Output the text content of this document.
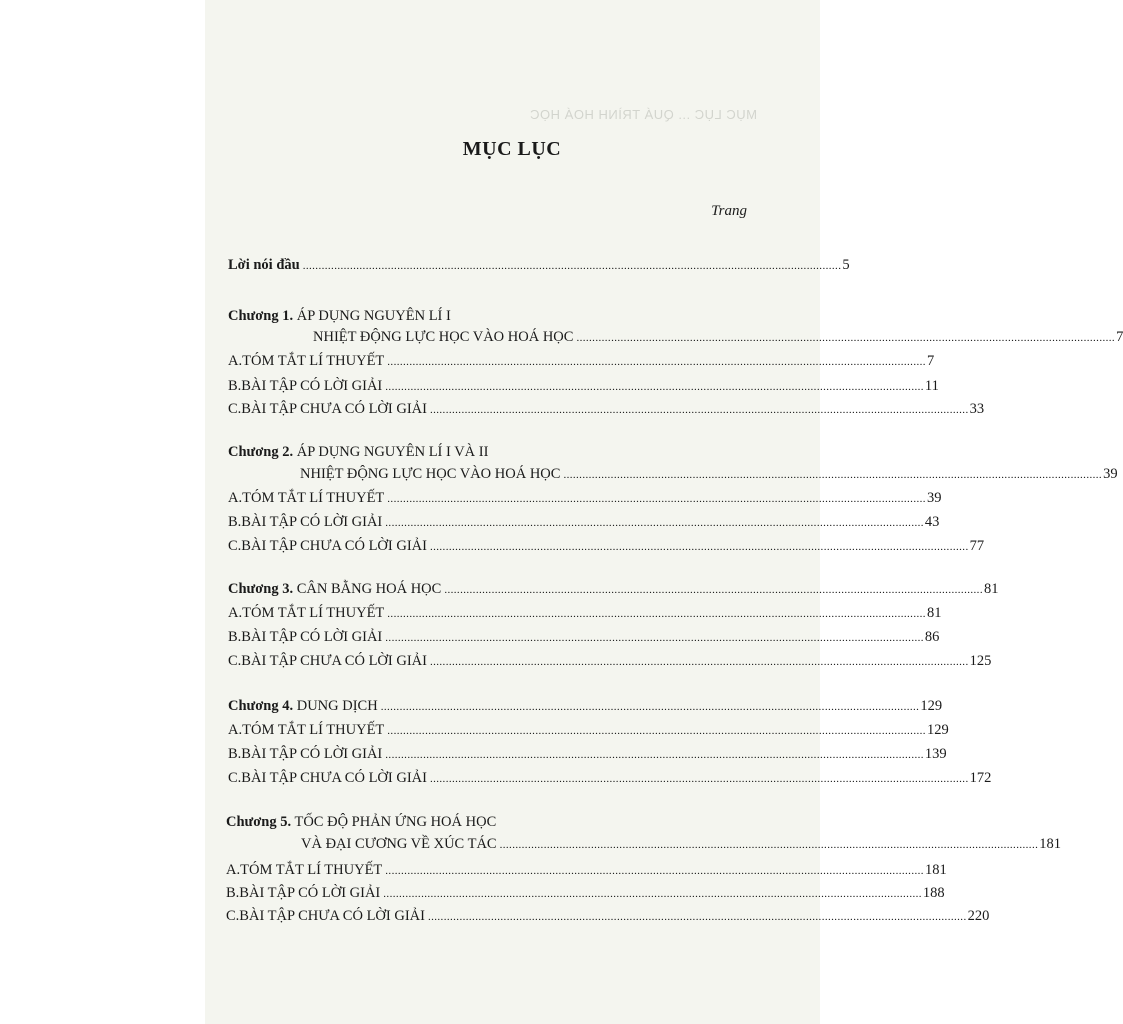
MỤC LỤC ... QUÁ TRÌNH HOÁ HỌC
MỤC LỤC
Trang
Lời nói đầu ........................................................................................................................................................................... 5
Chương 1. ÁP DỤNG NGUYÊN LÍ I
NHIỆT ĐỘNG LỰC HỌC VÀO HOÁ HỌC ........................................................................................................................................................................... 7
A. TÓM TẮT LÍ THUYẾT ........................................................................................................................................................................... 7
B. BÀI TẬP CÓ LỜI GIẢI ........................................................................................................................................................................... 11
C. BÀI TẬP CHƯA CÓ LỜI GIẢI ........................................................................................................................................................................... 33
Chương 2. ÁP DỤNG NGUYÊN LÍ I VÀ II
NHIỆT ĐỘNG LỰC HỌC VÀO HOÁ HỌC ........................................................................................................................................................................... 39
A. TÓM TẮT LÍ THUYẾT ........................................................................................................................................................................... 39
B. BÀI TẬP CÓ LỜI GIẢI ........................................................................................................................................................................... 43
C. BÀI TẬP CHƯA CÓ LỜI GIẢI ........................................................................................................................................................................... 77
Chương 3. CÂN BẰNG HOÁ HỌC ........................................................................................................................................................................... 81
A. TÓM TẮT LÍ THUYẾT ........................................................................................................................................................................... 81
B. BÀI TẬP CÓ LỜI GIẢI ........................................................................................................................................................................... 86
C. BÀI TẬP CHƯA CÓ LỜI GIẢI ........................................................................................................................................................................... 125
Chương 4. DUNG DỊCH ........................................................................................................................................................................... 129
A. TÓM TẮT LÍ THUYẾT ........................................................................................................................................................................... 129
B. BÀI TẬP CÓ LỜI GIẢI ........................................................................................................................................................................... 139
C. BÀI TẬP CHƯA CÓ LỜI GIẢI ........................................................................................................................................................................... 172
Chương 5. TỐC ĐỘ PHẢN ỨNG HOÁ HỌC
VÀ ĐẠI CƯƠNG VỀ XÚC TÁC ........................................................................................................................................................................... 181
A. TÓM TẮT LÍ THUYẾT ........................................................................................................................................................................... 181
B. BÀI TẬP CÓ LỜI GIẢI ........................................................................................................................................................................... 188
C. BÀI TẬP CHƯA CÓ LỜI GIẢI ........................................................................................................................................................................... 220
